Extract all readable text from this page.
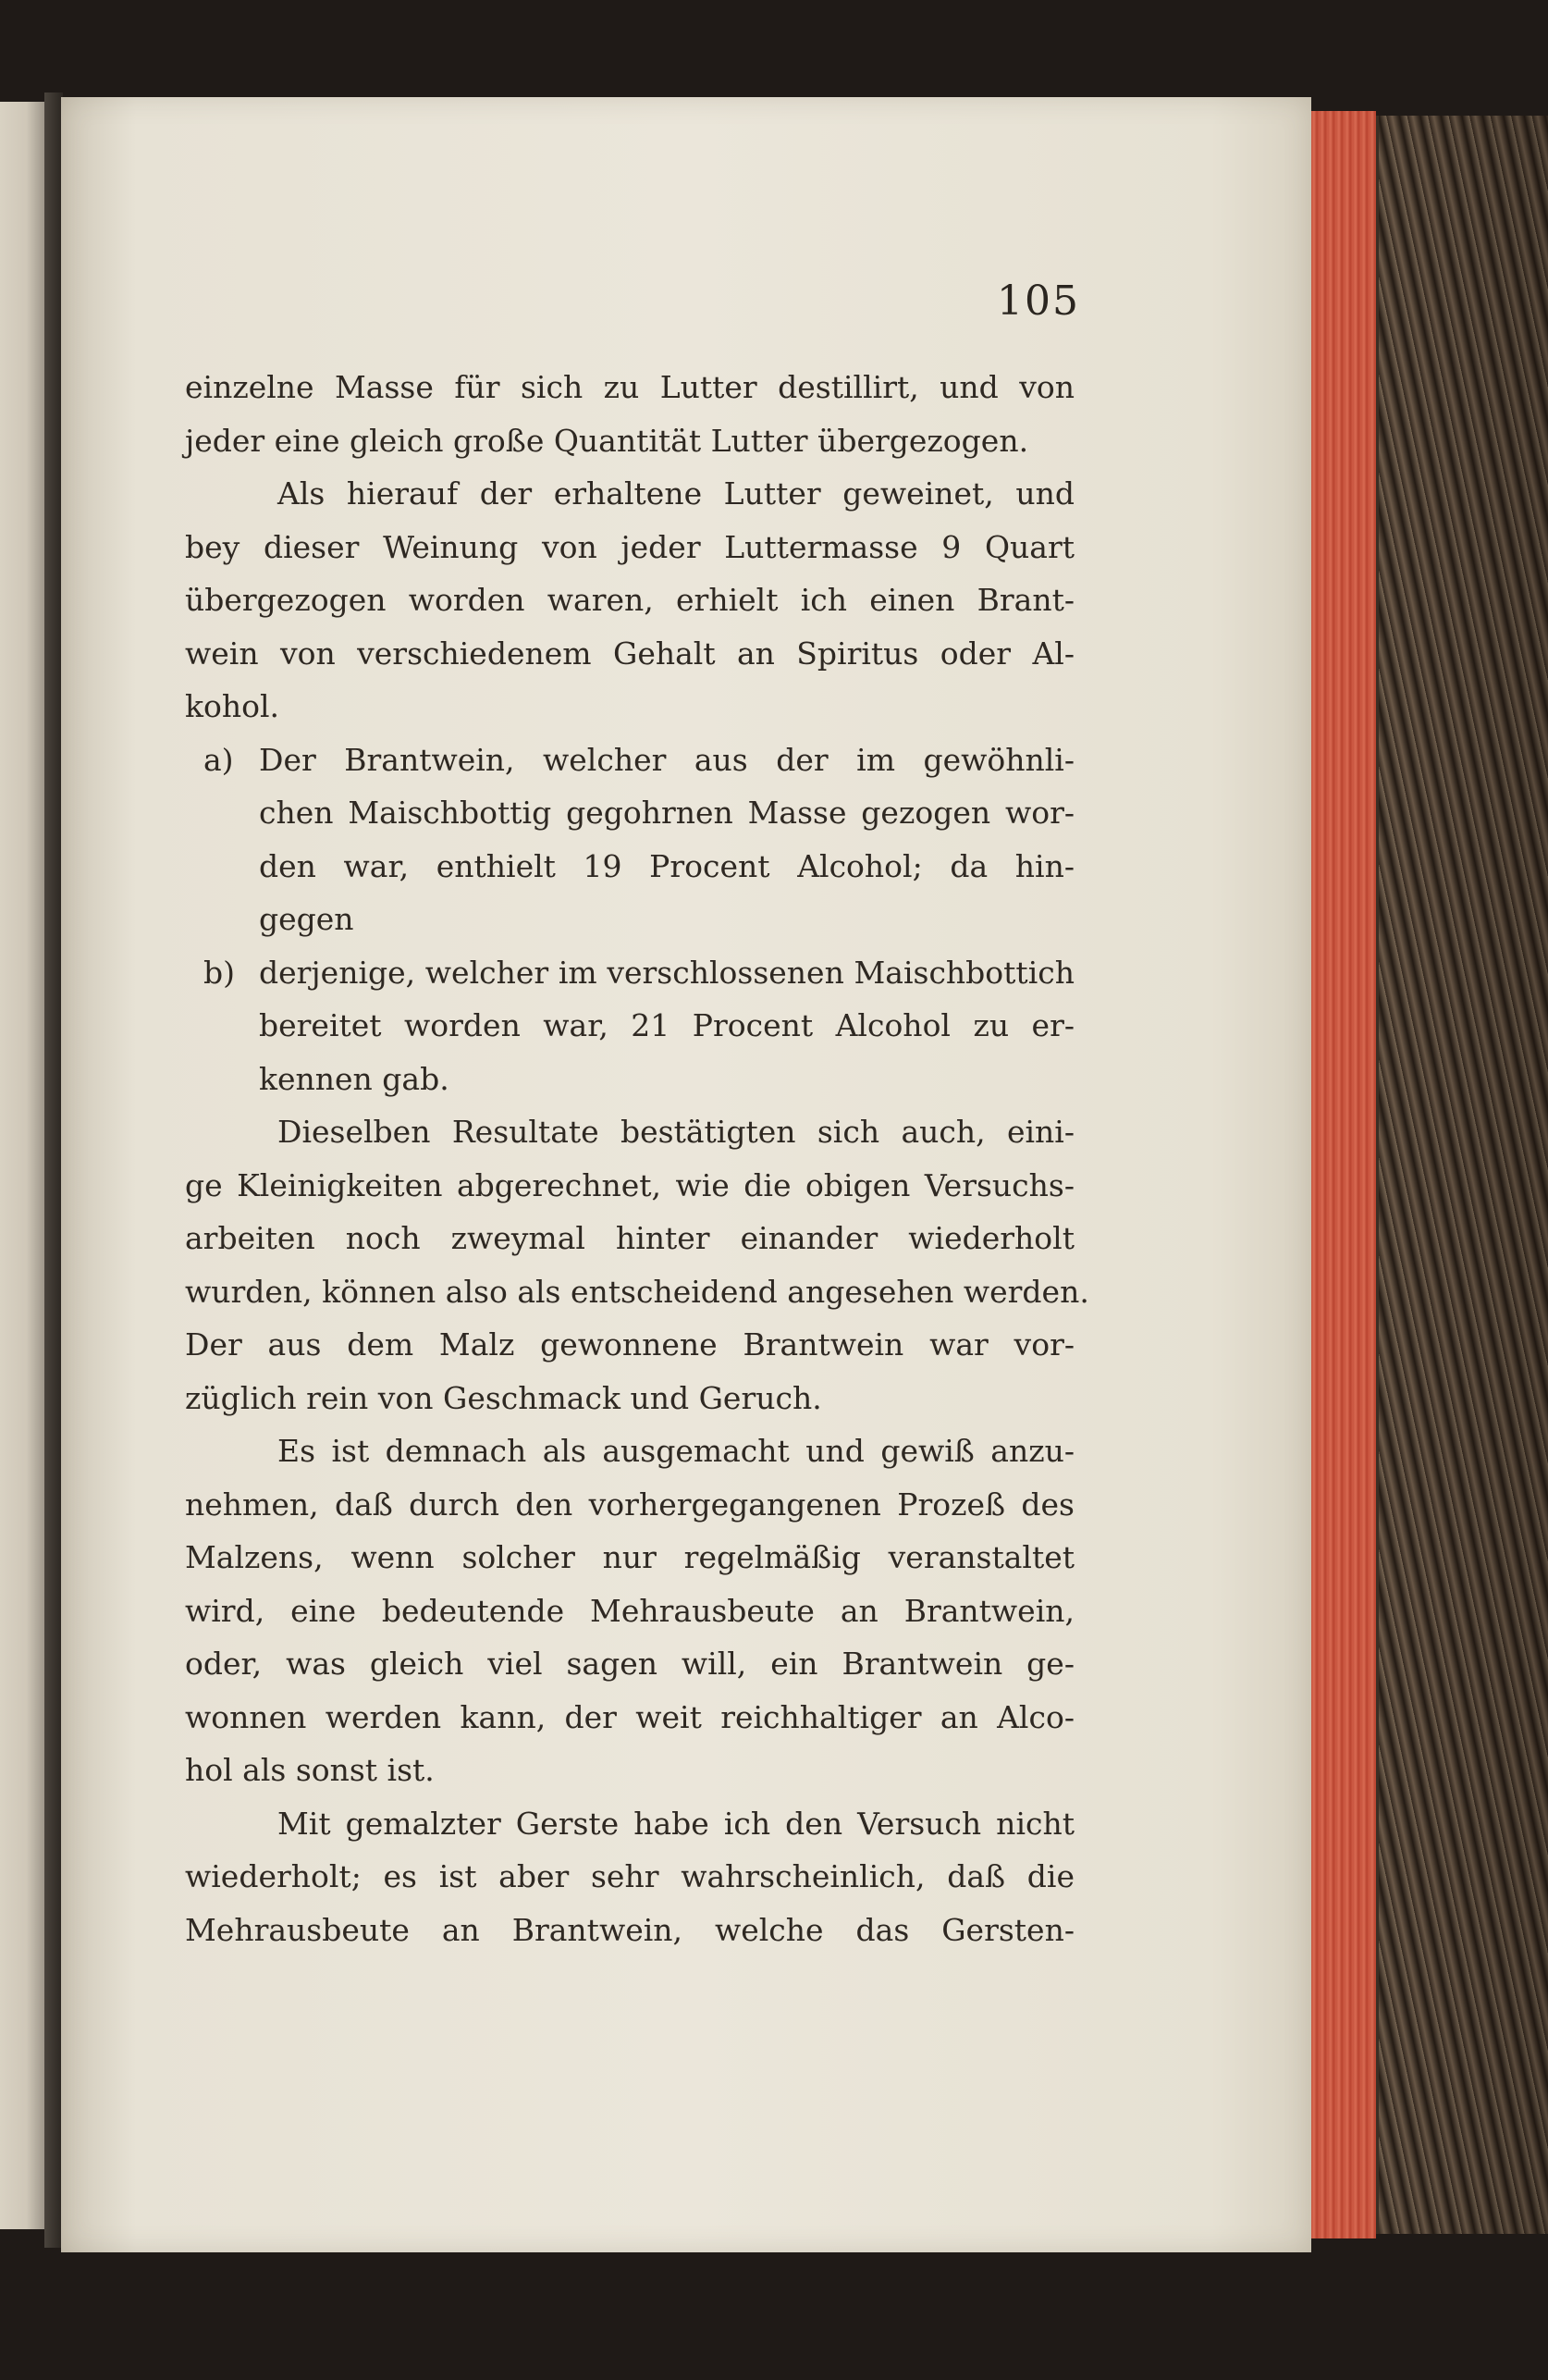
105
einzelne Masse für sich zu Lutter destillirt, und von
jeder eine gleich große Quantität Lutter übergezogen.
Als hierauf der erhaltene Lutter geweinet, und
bey dieser Weinung von jeder Luttermasse 9 Quart
übergezogen worden waren, erhielt ich einen Brant-
wein von verschiedenem Gehalt an Spiritus oder Al-
kohol.
a) Der Brantwein, welcher aus der im gewöhnli-
chen Maischbottig gegohrnen Masse gezogen wor-
den war, enthielt 19 Procent Alcohol; da hin-
gegen
b) derjenige, welcher im verschlossenen Maischbottich
bereitet worden war, 21 Procent Alcohol zu er-
kennen gab.
Dieselben Resultate bestätigten sich auch, eini-
ge Kleinigkeiten abgerechnet, wie die obigen Versuchs-
arbeiten noch zweymal hinter einander wiederholt
wurden, können also als entscheidend angesehen werden.
Der aus dem Malz gewonnene Brantwein war vor-
züglich rein von Geschmack und Geruch.
Es ist demnach als ausgemacht und gewiß anzu-
nehmen, daß durch den vorhergegangenen Prozeß des
Malzens, wenn solcher nur regelmäßig veranstaltet
wird, eine bedeutende Mehrausbeute an Brantwein,
oder, was gleich viel sagen will, ein Brantwein ge-
wonnen werden kann, der weit reichhaltiger an Alco-
hol als sonst ist.
Mit gemalzter Gerste habe ich den Versuch nicht
wiederholt; es ist aber sehr wahrscheinlich, daß die
Mehrausbeute an Brantwein, welche das Gersten-
